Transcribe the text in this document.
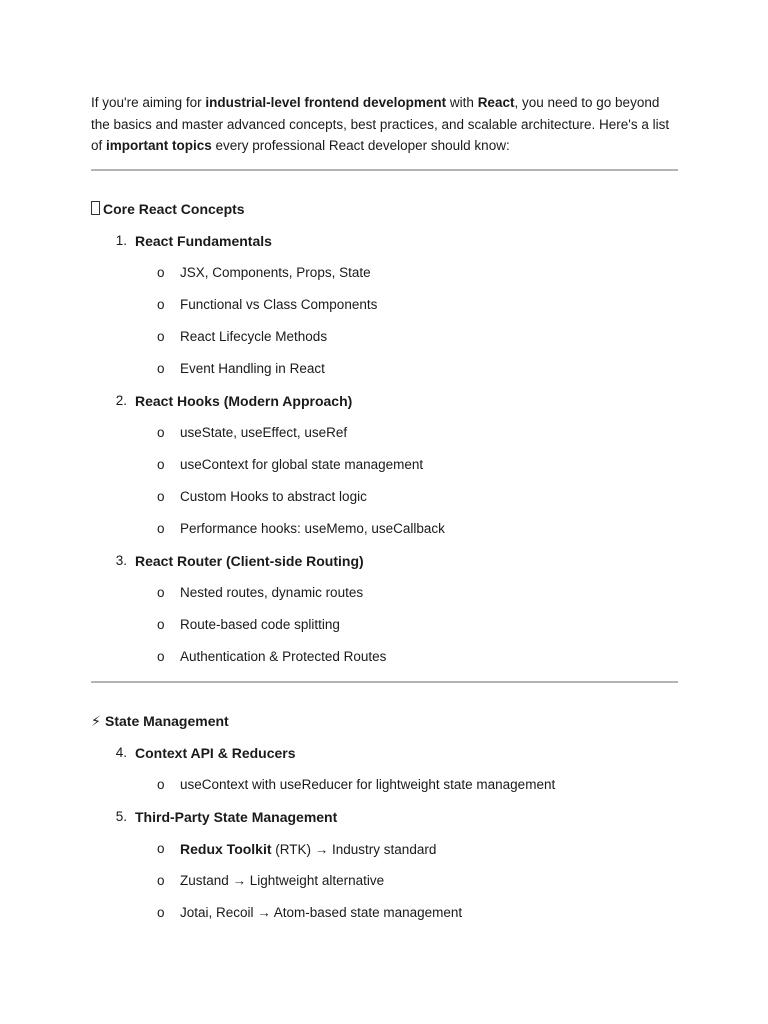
If you're aiming for industrial-level frontend development with React, you need to go beyond the basics and master advanced concepts, best practices, and scalable architecture. Here's a list of important topics every professional React developer should know:

Core React Concepts
1. React Fundamentals
o JSX, Components, Props, State
o Functional vs Class Components
o React Lifecycle Methods
o Event Handling in React
2. React Hooks (Modern Approach)
o useState, useEffect, useRef
o useContext for global state management
o Custom Hooks to abstract logic
o Performance hooks: useMemo, useCallback
3. React Router (Client-side Routing)
o Nested routes, dynamic routes
o Route-based code splitting
o Authentication & Protected Routes
⚡ State Management
4. Context API & Reducers
o useContext with useReducer for lightweight state management
5. Third-Party State Management
o Redux Toolkit (RTK) → Industry standard
o Zustand → Lightweight alternative
o Jotai, Recoil → Atom-based state management
